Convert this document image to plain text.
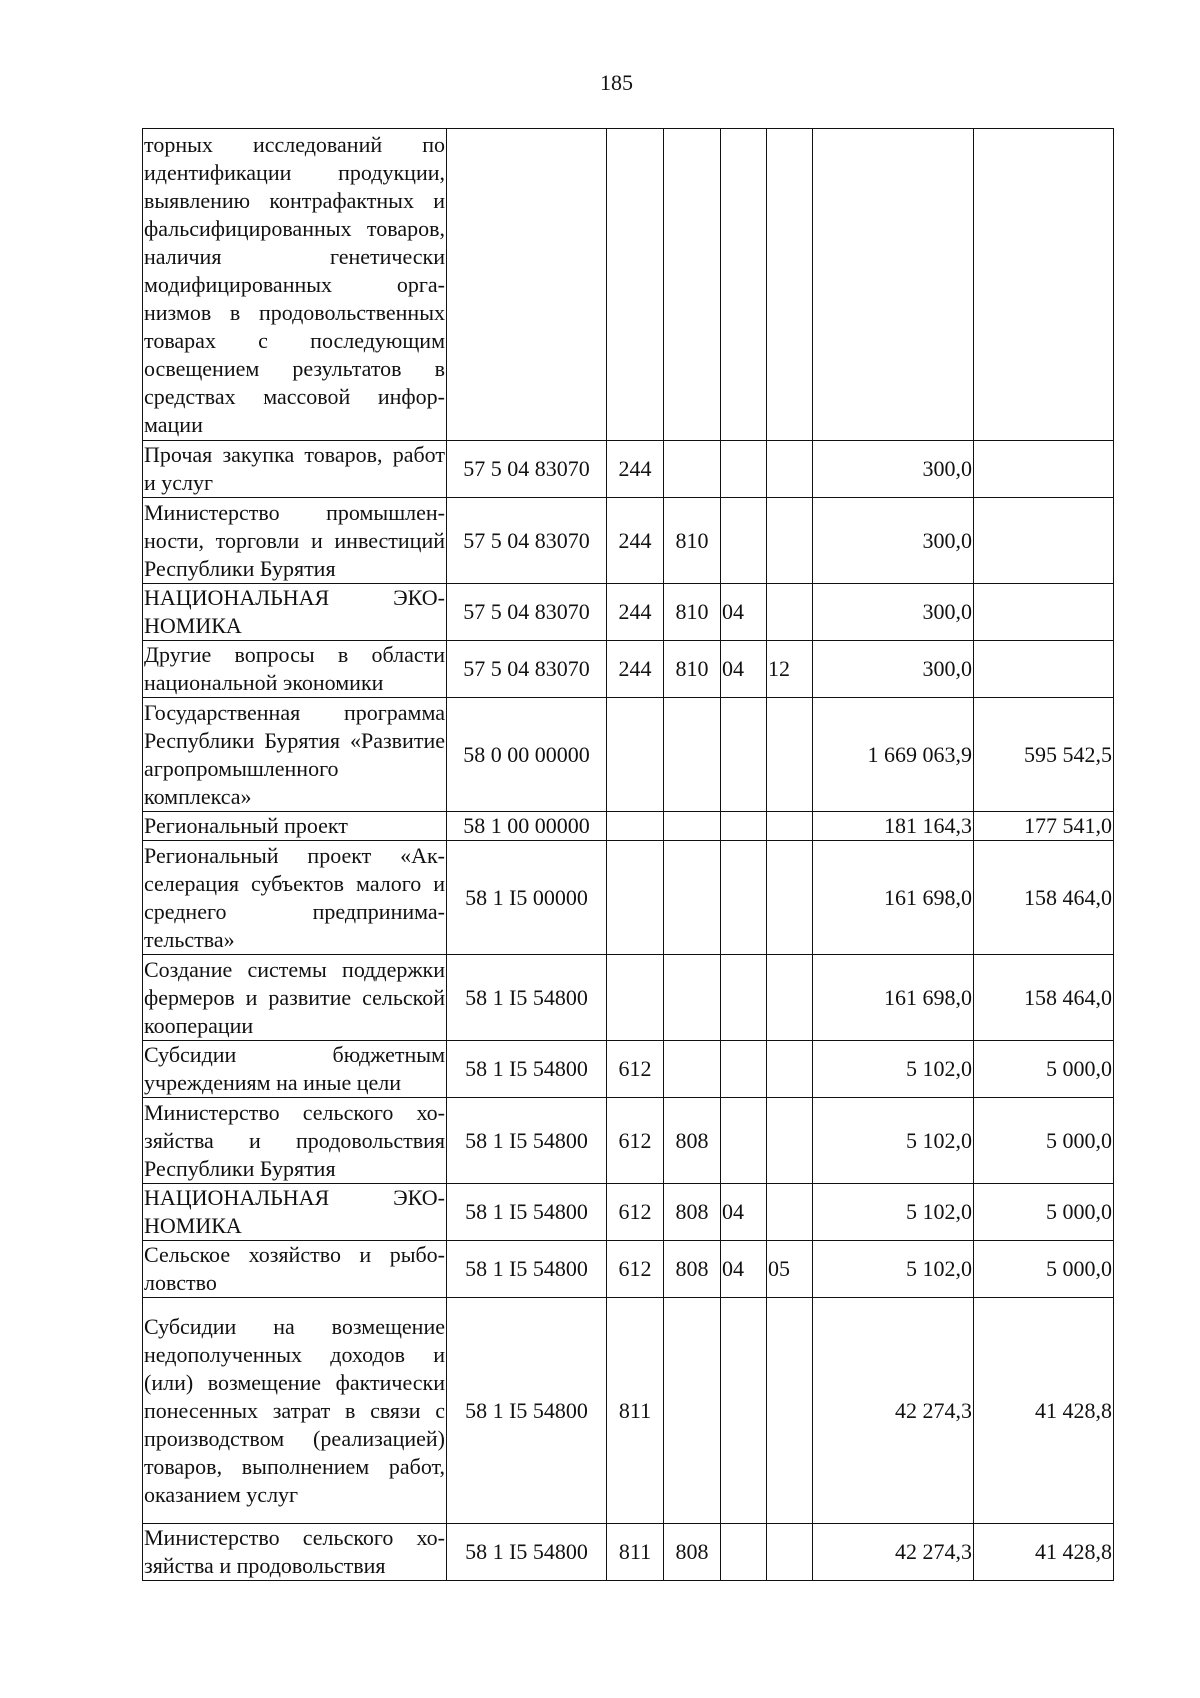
185
торных исследований по идентификации продукции, выявлению контрафактных и фальсифицированных товаров, наличия генетически модифицированных организмов в продовольственных товарах с последующим освещением результатов в средствах массовой информации							
Прочая закупка товаров, работ и услуг	57 5 04 83070	244				300,0	
Министерство промышленности, торговли и инвестиций Республики Бурятия	57 5 04 83070	244	810			300,0	
НАЦИОНАЛЬНАЯ ЭКОНОМИКА	57 5 04 83070	244	810	04		300,0	
Другие вопросы в области национальной экономики	57 5 04 83070	244	810	04	12	300,0	
Государственная программа Республики Бурятия «Развитие агропромышленного комплекса»	58 0 00 00000					1 669 063,9	595 542,5
Региональный проект	58 1 00 00000					181 164,3	177 541,0
Региональный проект «Акселерация субъектов малого и среднего предпринимательства»	58 1 I5 00000					161 698,0	158 464,0
Создание системы поддержки фермеров и развитие сельской кооперации	58 1 I5 54800					161 698,0	158 464,0
Субсидии бюджетным учреждениям на иные цели	58 1 I5 54800	612				5 102,0	5 000,0
Министерство сельского хозяйства и продовольствия Республики Бурятия	58 1 I5 54800	612	808			5 102,0	5 000,0
НАЦИОНАЛЬНАЯ ЭКОНОМИКА	58 1 I5 54800	612	808	04		5 102,0	5 000,0
Сельское хозяйство и рыболовство	58 1 I5 54800	612	808	04	05	5 102,0	5 000,0
Субсидии на возмещение недополученных доходов и (или) возмещение фактически понесенных затрат в связи с производством (реализацией) товаров, выполнением работ, оказанием услуг	58 1 I5 54800	811				42 274,3	41 428,8
Министерство сельского хозяйства и продовольствия	58 1 I5 54800	811	808			42 274,3	41 428,8
